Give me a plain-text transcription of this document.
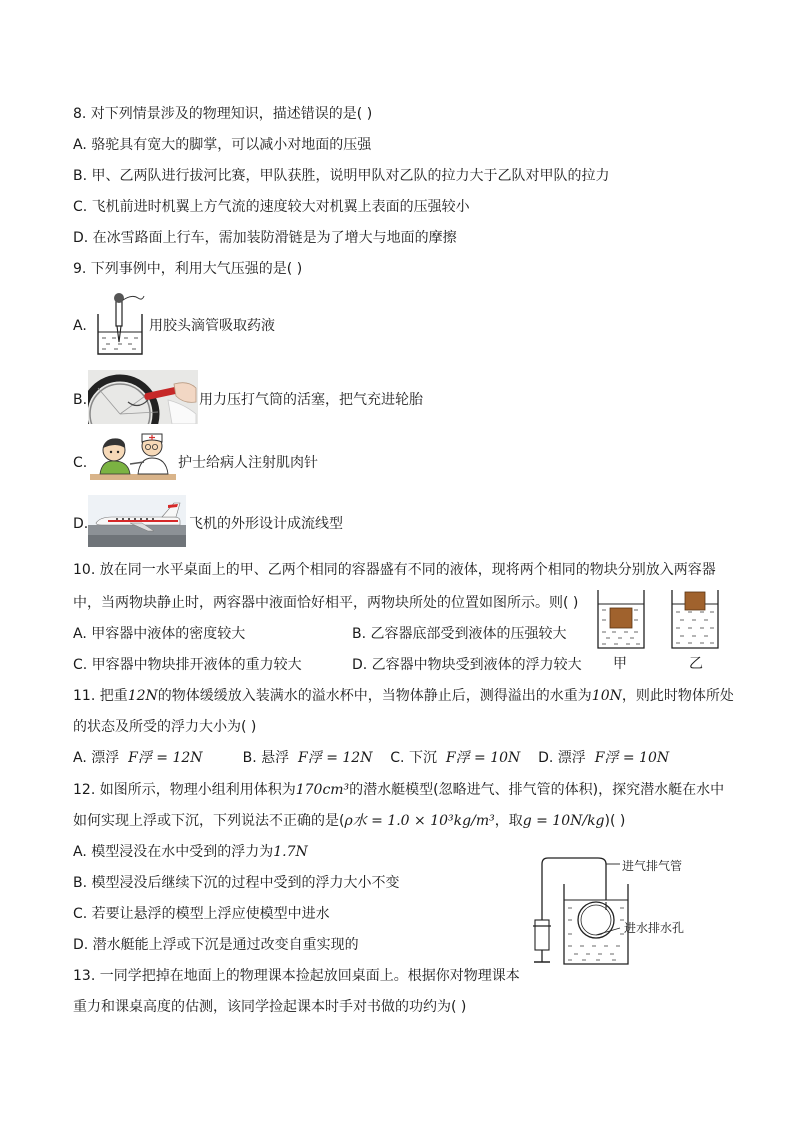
8. 对下列情景涉及的物理知识，描述错误的是( )
A. 骆驼具有宽大的脚掌，可以减小对地面的压强
B. 甲、乙两队进行拔河比赛，甲队获胜，说明甲队对乙队的拉力大于乙队对甲队的拉力
C. 飞机前进时机翼上方气流的速度较大对机翼上表面的压强较小
D. 在冰雪路面上行车，需加装防滑链是为了增大与地面的摩擦
9. 下列事例中，利用大气压强的是( )
A.	用胶头滴管吸取药液
B.	用力压打气筒的活塞，把气充进轮胎
C.	护士给病人注射肌肉针
D.	飞机的外形设计成流线型
10. 放在同一水平桌面上的甲、乙两个相同的容器盛有不同的液体，现将两个相同的物块分别放入两容器
中，当两物块静止时，两容器中液面恰好相平，两物块所处的位置如图所示。则( )
A. 甲容器中液体的密度较大	B. 乙容器底部受到液体的压强较大
C. 甲容器中物块排开液体的重力较大	D. 乙容器中物块受到液体的浮力较大 甲	乙
11. 把重12N的物体缓缓放入装满水的溢水杯中，当物体静止后，测得溢出的水重为10N，则此时物体所处
的状态及所受的浮力大小为( )
A. 漂浮 F浮 = 12N	B. 悬浮 F浮 = 12N C. 下沉 F浮 = 10N D. 漂浮 F浮 = 10N
12. 如图所示，物理小组利用体积为170cm³的潜水艇模型(忽略进气、排气管的体积)，探究潜水艇在水中
如何实现上浮或下沉，下列说法不正确的是(ρ水 = 1.0 × 10³kg/m³，取g = 10N/kg)( )
A. 模型浸没在水中受到的浮力为1.7N
B. 模型浸没后继续下沉的过程中受到的浮力大小不变
C. 若要让悬浮的模型上浮应使模型中进水
D. 潜水艇能上浮或下沉是通过改变自重实现的
进气排气管
进水排水孔
13. 一同学把掉在地面上的物理课本捡起放回桌面上。根据你对物理课本
重力和课桌高度的估测，该同学捡起课本时手对书做的功约为( )
